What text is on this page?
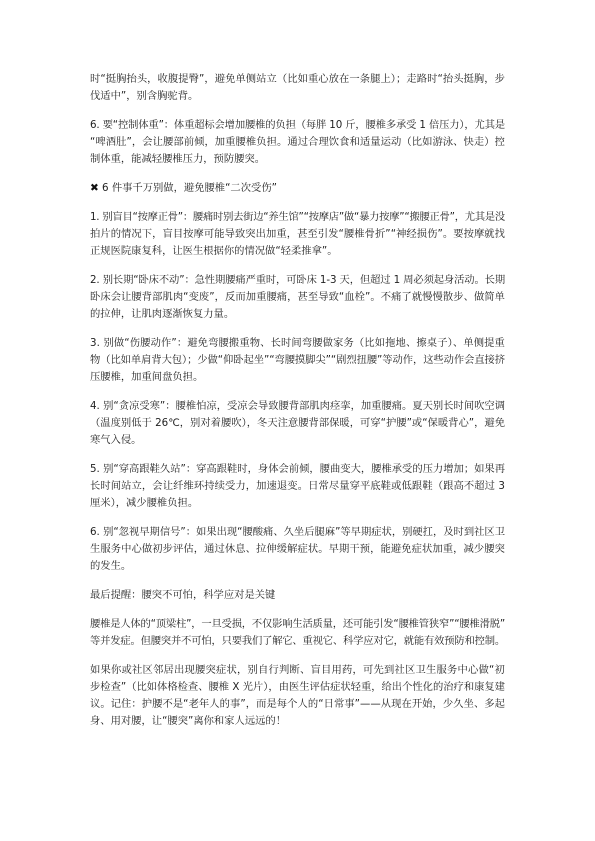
时“挺胸抬头，收腹提臀”，避免单侧站立（比如重心放在一条腿上）；走路时“抬头挺胸，步
伐适中”，别含胸驼背。
6. 要“控制体重”：体重超标会增加腰椎的负担（每胖 10 斤，腰椎多承受 1 倍压力），尤其是
“啤酒肚”，会让腰部前倾，加重腰椎负担。通过合理饮食和适量运动（比如游泳、快走）控
制体重，能减轻腰椎压力，预防腰突。
✖6 件事千万别做，避免腰椎“二次受伤”
1. 别盲目“按摩正骨”：腰痛时别去街边“养生馆”“按摩店”做“暴力按摩”“搬腰正骨”，尤其是没
拍片的情况下，盲目按摩可能导致突出加重，甚至引发“腰椎骨折”“神经损伤”。要按摩就找
正规医院康复科，让医生根据你的情况做“轻柔推拿”。
2. 别长期“卧床不动”：急性期腰痛严重时，可卧床 1-3 天，但超过 1 周必须起身活动。长期
卧床会让腰背部肌肉“变废”，反而加重腰痛，甚至导致“血栓”。不痛了就慢慢散步、做简单
的拉伸，让肌肉逐渐恢复力量。
3. 别做“伤腰动作”：避免弯腰搬重物、长时间弯腰做家务（比如拖地、擦桌子）、单侧提重
物（比如单肩背大包）；少做“仰卧起坐”“弯腰摸脚尖”“剧烈扭腰”等动作，这些动作会直接挤
压腰椎，加重间盘负担。
4. 别“贪凉受寒”：腰椎怕凉，受凉会导致腰背部肌肉痉挛，加重腰痛。夏天别长时间吹空调
（温度别低于 26℃，别对着腰吹），冬天注意腰背部保暖，可穿“护腰”或“保暖背心”，避免
寒气入侵。
5. 别“穿高跟鞋久站”：穿高跟鞋时，身体会前倾，腰曲变大，腰椎承受的压力增加；如果再
长时间站立，会让纤维环持续受力，加速退变。日常尽量穿平底鞋或低跟鞋（跟高不超过 3
厘米），减少腰椎负担。
6. 别“忽视早期信号”：如果出现“腰酸痛、久坐后腿麻”等早期症状，别硬扛，及时到社区卫
生服务中心做初步评估，通过休息、拉伸缓解症状。早期干预，能避免症状加重，减少腰突
的发生。
最后提醒：腰突不可怕，科学应对是关键
腰椎是人体的“顶梁柱”，一旦受损，不仅影响生活质量，还可能引发“腰椎管狭窄”“腰椎滑脱”
等并发症。但腰突并不可怕，只要我们了解它、重视它、科学应对它，就能有效预防和控制。
如果你或社区邻居出现腰突症状，别自行判断、盲目用药，可先到社区卫生服务中心做“初
步检查”（比如体格检查、腰椎 X 光片），由医生评估症状轻重，给出个性化的治疗和康复建
议。记住：护腰不是“老年人的事”，而是每个人的“日常事”——从现在开始，少久坐、多起
身、用对腰，让“腰突”离你和家人远远的！
